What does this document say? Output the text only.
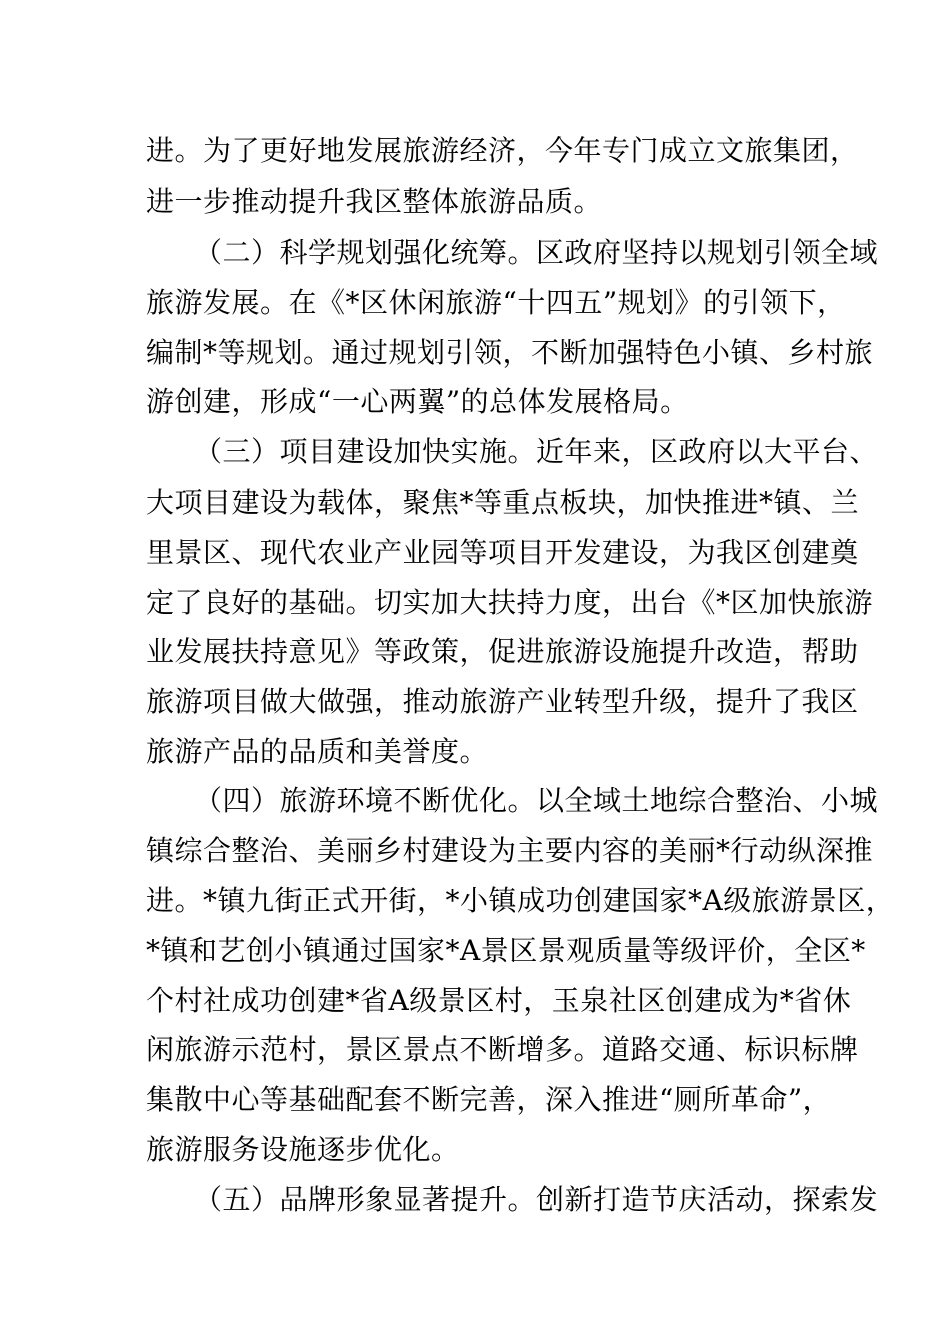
进。为了更好地发展旅游经济，今年专门成立文旅集团，
进一步推动提升我区整体旅游品质。
（二）科学规划强化统筹。区政府坚持以规划引领全域
旅游发展。在《*区休闲旅游“十四五”规划》的引领下，
编制*等规划。通过规划引领，不断加强特色小镇、乡村旅
游创建，形成“一心两翼”的总体发展格局。
（三）项目建设加快实施。近年来，区政府以大平台、
大项目建设为载体，聚焦*等重点板块，加快推进*镇、兰
里景区、现代农业产业园等项目开发建设，为我区创建奠
定了良好的基础。切实加大扶持力度，出台《*区加快旅游
业发展扶持意见》等政策，促进旅游设施提升改造，帮助
旅游项目做大做强，推动旅游产业转型升级，提升了我区
旅游产品的品质和美誉度。
（四）旅游环境不断优化。以全域土地综合整治、小城
镇综合整治、美丽乡村建设为主要内容的美丽*行动纵深推
进。*镇九街正式开街，*小镇成功创建国家*A级旅游景区，
*镇和艺创小镇通过国家*A景区景观质量等级评价，全区*
个村社成功创建*省A级景区村，玉泉社区创建成为*省休
闲旅游示范村，景区景点不断增多。道路交通、标识标牌
集散中心等基础配套不断完善，深入推进“厕所革命”，
旅游服务设施逐步优化。
（五）品牌形象显著提升。创新打造节庆活动，探索发
